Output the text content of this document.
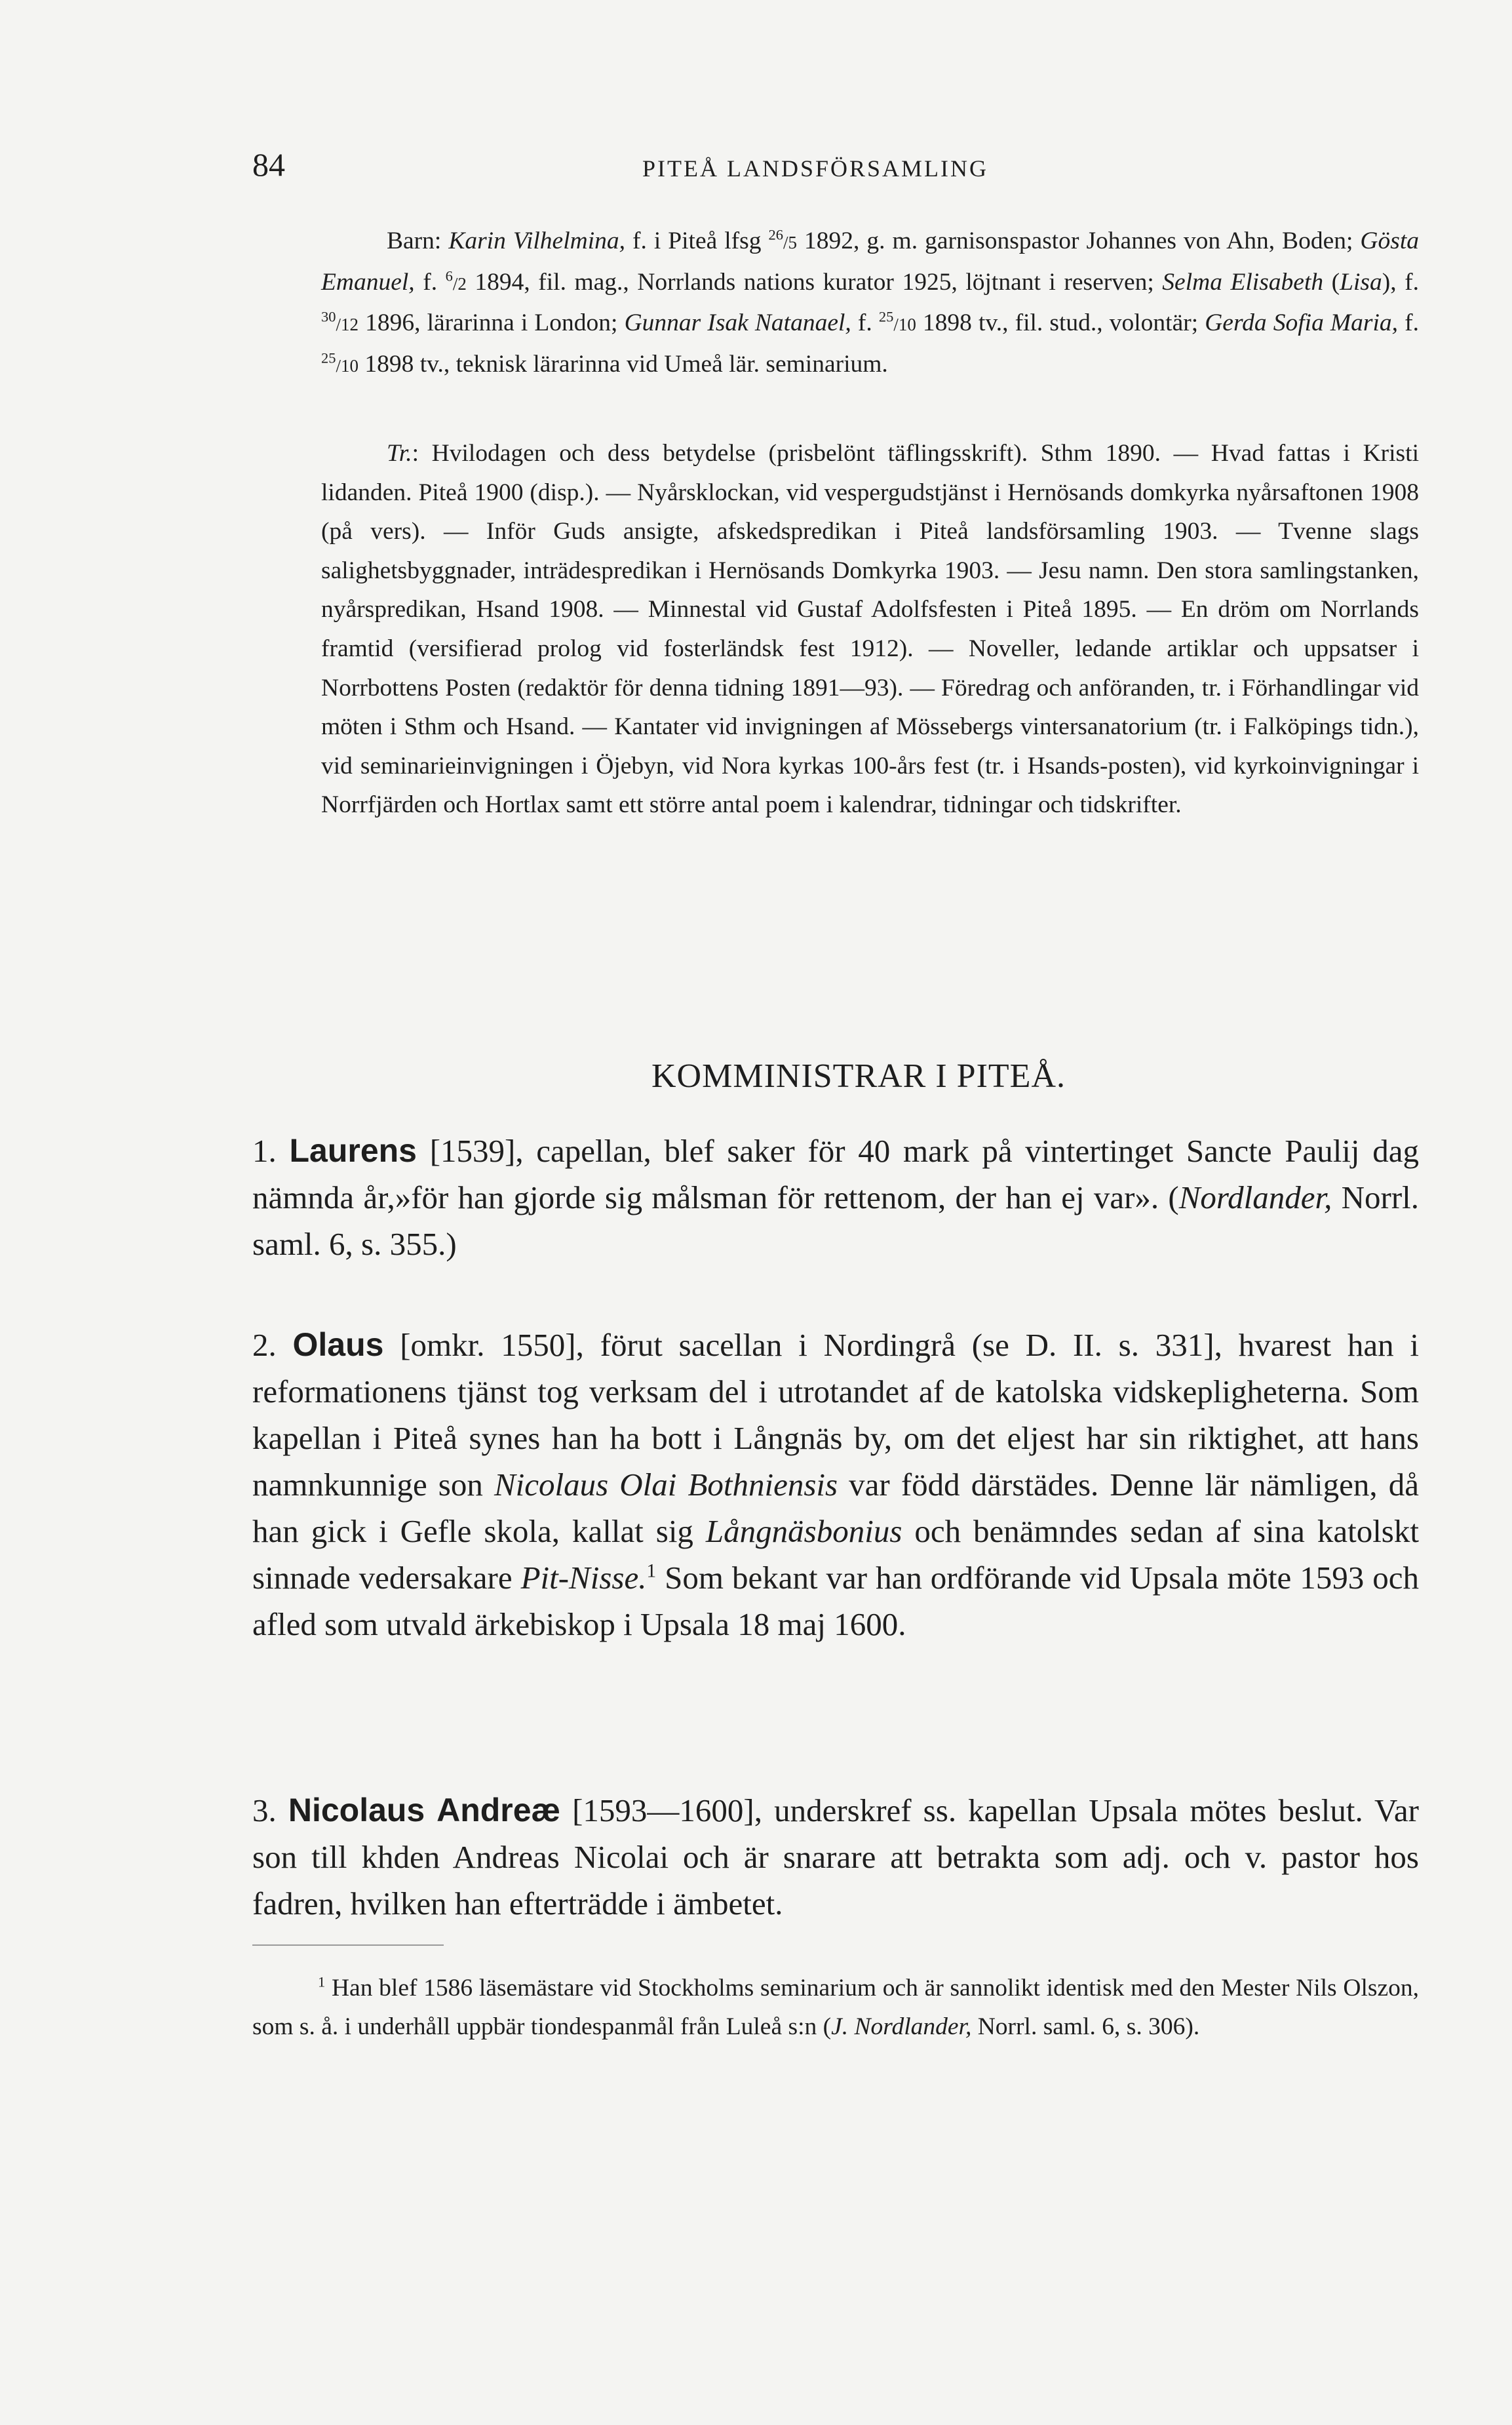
84	PITEÅ LANDSFÖRSAMLING

Barn: Karin Vilhelmina, f. i Piteå lfsg $^{26}$/5 1892, g. m. garnisonspastor Johannes von Ahn, Boden; Gösta Emanuel, f. $^6$/2 1894, fil. mag., Norrlands nations kurator 1925, löjtnant i reserven; Selma Elisabeth (Lisa), f. $^{30}$/12 1896, lärarinna i London; Gunnar Isak Natanael, f. $^{25}$/10 1898 tv., fil. stud., volontär; Gerda Sofia Maria, f. $^{25}$/10 1898 tv., teknisk lärarinna vid Umeå lär. seminarium.

Tr.: Hvilodagen och dess betydelse (prisbelönt täflingsskrift). Sthm 1890. — Hvad fattas i Kristi lidanden. Piteå 1900 (disp.). — Nyårsklockan, vid vespergudstjänst i Hernösands domkyrka nyårsaftonen 1908 (på vers). — Inför Guds ansigte, afskedspredikan i Piteå landsförsamling 1903. — Tvenne slags salighetsbyggnader, inträdespredikan i Hernösands Domkyrka 1903. — Jesu namn. Den stora samlingstanken, nyårspredikan, Hsand 1908. — Minnestal vid Gustaf Adolfsfesten i Piteå 1895. — En dröm om Norrlands framtid (versifierad prolog vid fosterländsk fest 1912). — Noveller, ledande artiklar och uppsatser i Norrbottens Posten (redaktör för denna tidning 1891—93). — Föredrag och anföranden, tr. i Förhandlingar vid möten i Sthm och Hsand. — Kantater vid invigningen af Mössebergs vintersanatorium (tr. i Falköpings tidn.), vid seminarieinvigningen i Öjebyn, vid Nora kyrkas 100-års fest (tr. i Hsands-posten), vid kyrkoinvigningar i Norrfjärden och Hortlax samt ett större antal poem i kalendrar, tidningar och tidskrifter.

KOMMINISTRAR I PITEÅ.

1. Laurens [1539], capellan, blef saker för 40 mark på vintertinget Sancte Paulij dag nämnda år,»för han gjorde sig målsman för rettenom, der han ej var». (Nordlander, Norrl. saml. 6, s. 355.)

2. Olaus [omkr. 1550], förut sacellan i Nordingrå (se D. II. s. 331], hvarest han i reformationens tjänst tog verksam del i utrotandet af de katolska vidskepligheterna. Som kapellan i Piteå synes han ha bott i Långnäs by, om det eljest har sin riktighet, att hans namnkunnige son Nicolaus Olai Bothniensis var född därstädes. Denne lär nämligen, då han gick i Gefle skola, kallat sig Långnäsbonius och benämndes sedan af sina katolskt sinnade vedersakare Pit-Nisse.$^1$ Som bekant var han ordförande vid Upsala möte 1593 och afled som utvald ärkebiskop i Upsala 18 maj 1600.

3. Nicolaus Andreæ [1593—1600], underskref ss. kapellan Upsala mötes beslut. Var son till khden Andreas Nicolai och är snarare att betrakta som adj. och v. pastor hos fadren, hvilken han efterträdde i ämbetet.

$^1$ Han blef 1586 läsemästare vid Stockholms seminarium och är sannolikt identisk med den Mester Nils Olszon, som s. å. i underhåll uppbär tiondespanmål från Luleå s:n (J. Nordlander, Norrl. saml. 6, s. 306).
